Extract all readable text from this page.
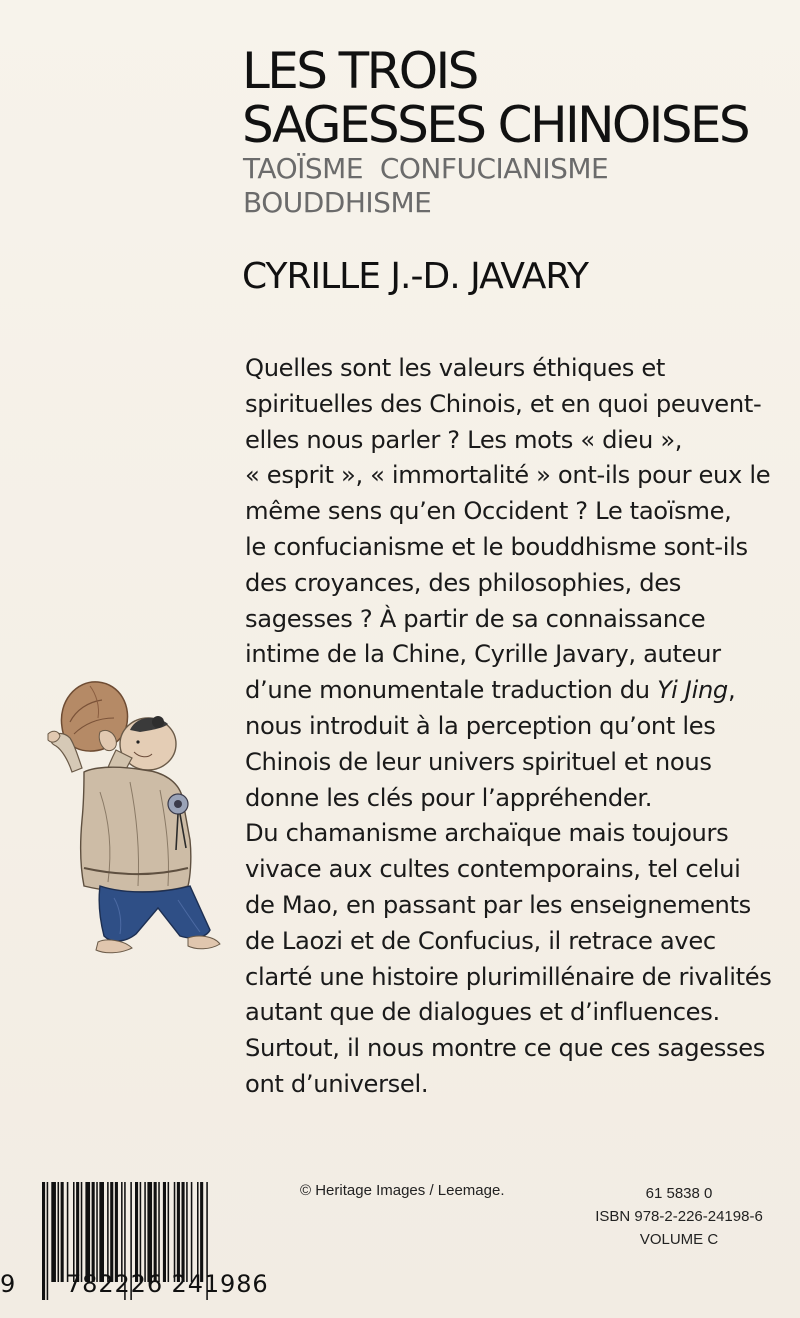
LES TROIS
SAGESSES CHINOISES
TAOÏSME  CONFUCIANISME
BOUDDHISME
CYRILLE J.-D. JAVARY
Quelles sont les valeurs éthiques et
spirituelles des Chinois, et en quoi peuvent-
elles nous parler ? Les mots « dieu »,
« esprit », « immortalité » ont-ils pour eux le
même sens qu’en Occident ? Le taoïsme,
le confucianisme et le bouddhisme sont-ils
des croyances, des philosophies, des
sagesses ? À partir de sa connaissance
intime de la Chine, Cyrille Javary, auteur
d’une monumentale traduction du Yi Jing,
nous introduit à la perception qu’ont les
Chinois de leur univers spirituel et nous
donne les clés pour l’appréhender.
Du chamanisme archaïque mais toujours
vivace aux cultes contemporains, tel celui
de Mao, en passant par les enseignements
de Laozi et de Confucius, il retrace avec
clarté une histoire plurimillénaire de rivalités
autant que de dialogues et d’influences.
Surtout, il nous montre ce que ces sagesses
ont d’universel.
9 782226 241986
© Heritage Images / Leemage.	61 5838 0
ISBN 978-2-226-24198-6
VOLUME C
